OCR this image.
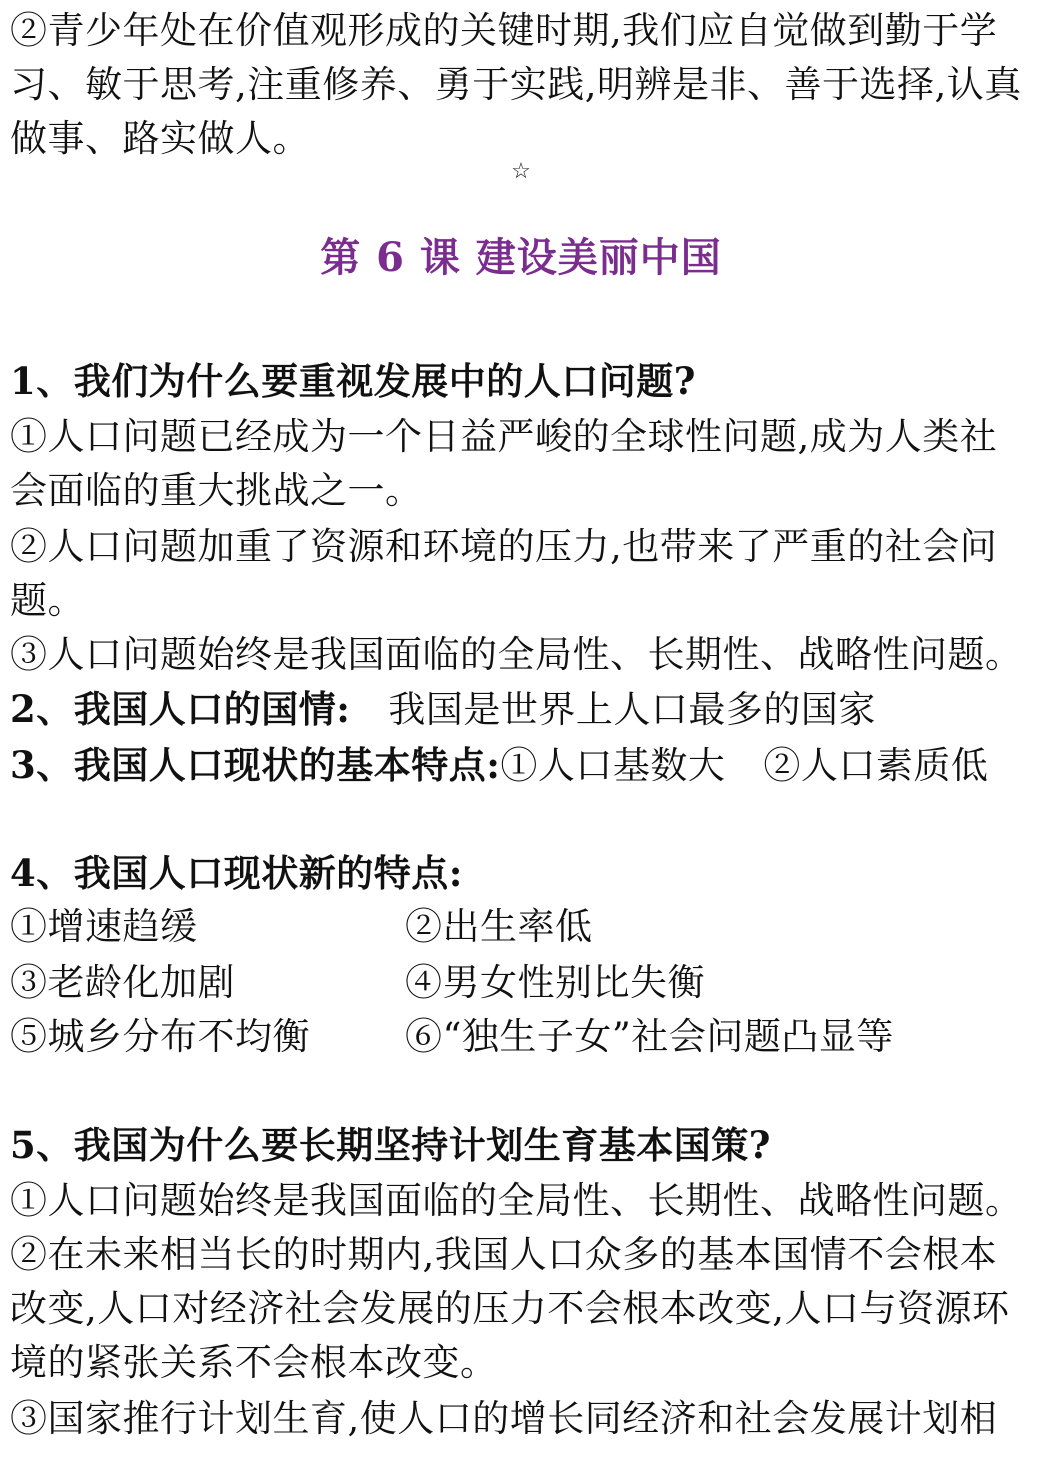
②青少年处在价值观形成的关键时期,我们应自觉做到勤于学
习、敏于思考,注重修养、勇于实践,明辨是非、善于选择,认真
做事、路实做人。
☆
第 6 课 建设美丽中国
1、我们为什么要重视发展中的人口问题?
①人口问题已经成为一个日益严峻的全球性问题,成为人类社
会面临的重大挑战之一。
②人口问题加重了资源和环境的压力,也带来了严重的社会问
题。
③人口问题始终是我国面临的全局性、长期性、战略性问题。
2、我国人口的国情: 我国是世界上人口最多的国家
3、我国人口现状的基本特点:①人口基数大 ②人口素质低
4、我国人口现状新的特点:
①增速趋缓	②出生率低
③老龄化加剧	④男女性别比失衡
⑤城乡分布不均衡	⑥“独生子女”社会问题凸显等
5、我国为什么要长期坚持计划生育基本国策?
①人口问题始终是我国面临的全局性、长期性、战略性问题。
②在未来相当长的时期内,我国人口众多的基本国情不会根本
改变,人口对经济社会发展的压力不会根本改变,人口与资源环
境的紧张关系不会根本改变。
③国家推行计划生育,使人口的增长同经济和社会发展计划相
